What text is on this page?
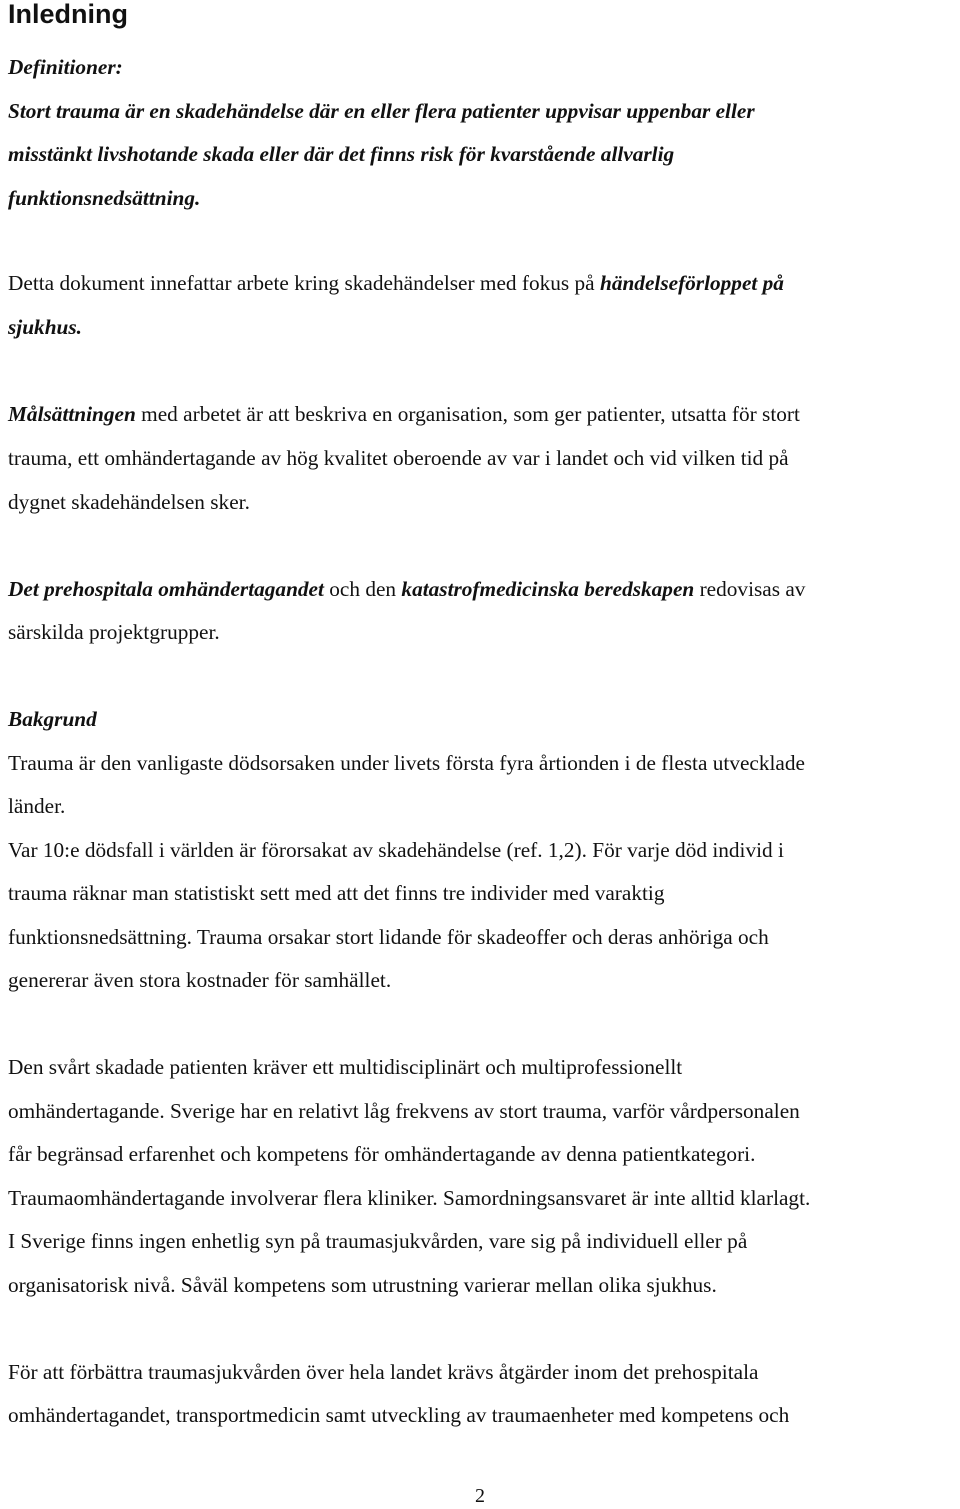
Inledning

Definitioner:

Stort trauma är en skadehändelse där en eller flera patienter uppvisar uppenbar eller

misstänkt livshotande skada eller där det finns risk för kvarstående allvarlig

funktionsnedsättning.

Detta dokument innefattar arbete kring skadehändelser med fokus på händelseförloppet på

sjukhus.

Målsättningen med arbetet är att beskriva en organisation, som ger patienter, utsatta för stort

trauma, ett omhändertagande av hög kvalitet oberoende av var i landet och vid vilken tid på

dygnet skadehändelsen sker.

Det prehospitala omhändertagandet och den katastrofmedicinska beredskapen redovisas av

särskilda projektgrupper.

Bakgrund

Trauma är den vanligaste dödsorsaken under livets första fyra årtionden i de flesta utvecklade

länder.

Var 10:e dödsfall i världen är förorsakat av skadehändelse (ref. 1,2). För varje död individ i

trauma räknar man statistiskt sett med att det finns tre individer med varaktig

funktionsnedsättning. Trauma orsakar stort lidande för skadeoffer och deras anhöriga och

genererar även stora kostnader för samhället.

Den svårt skadade patienten kräver ett multidisciplinärt och multiprofessionellt

omhändertagande. Sverige har en relativt låg frekvens av stort trauma, varför vårdpersonalen

får begränsad erfarenhet och kompetens för omhändertagande av denna patientkategori.

Traumaomhändertagande involverar flera kliniker. Samordningsansvaret är inte alltid klarlagt.

I Sverige finns ingen enhetlig syn på traumasjukvården, vare sig på individuell eller på

organisatorisk nivå. Såväl kompetens som utrustning varierar mellan olika sjukhus.

För att förbättra traumasjukvården över hela landet krävs åtgärder inom det prehospitala

omhändertagandet, transportmedicin samt utveckling av traumaenheter med kompetens och

2
